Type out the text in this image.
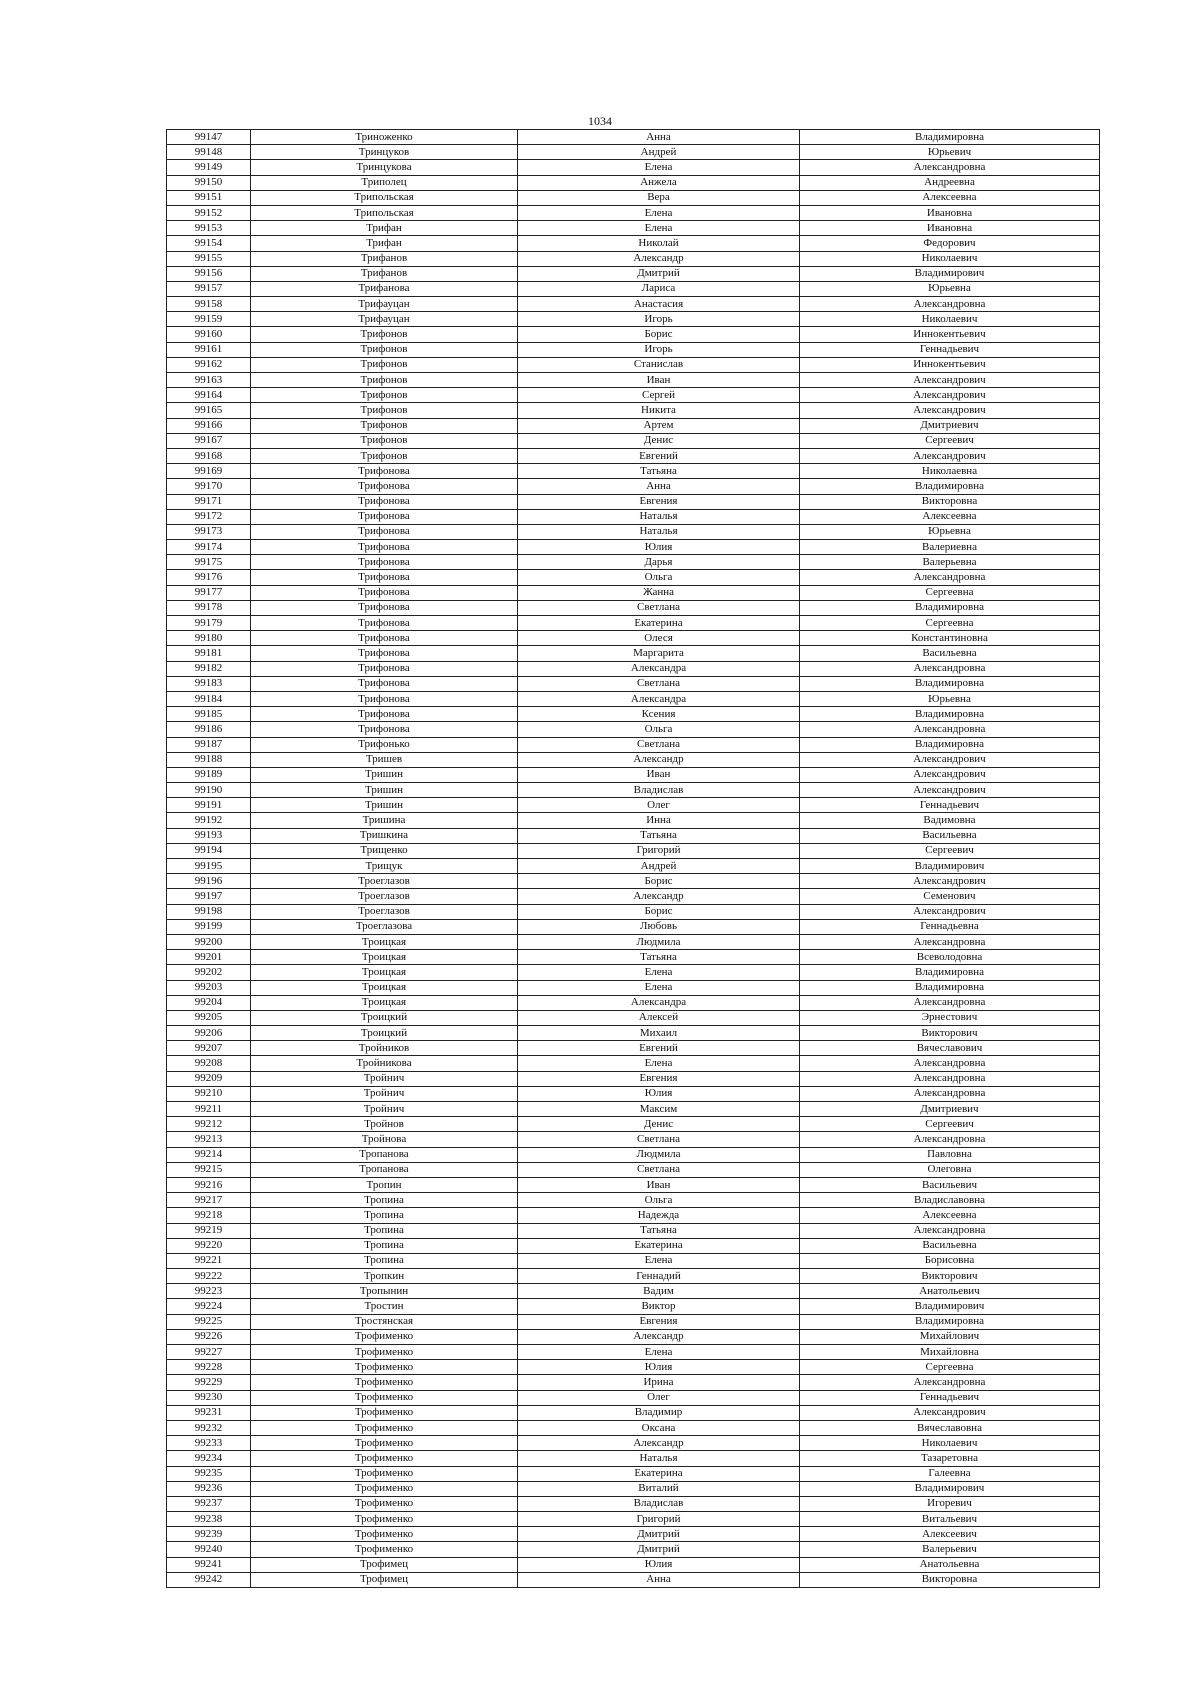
1034
99147	Триноженко	Анна	Владимировна
99148	Тринцуков	Андрей	Юрьевич
99149	Тринцукова	Елена	Александровна
99150	Триполец	Анжела	Андреевна
99151	Трипольская	Вера	Алексеевна
99152	Трипольская	Елена	Ивановна
99153	Трифан	Елена	Ивановна
99154	Трифан	Николай	Федорович
99155	Трифанов	Александр	Николаевич
99156	Трифанов	Дмитрий	Владимирович
99157	Трифанова	Лариса	Юрьевна
99158	Трифауцан	Анастасия	Александровна
99159	Трифауцан	Игорь	Николаевич
99160	Трифонов	Борис	Иннокентьевич
99161	Трифонов	Игорь	Геннадьевич
99162	Трифонов	Станислав	Иннокентьевич
99163	Трифонов	Иван	Александрович
99164	Трифонов	Сергей	Александрович
99165	Трифонов	Никита	Александрович
99166	Трифонов	Артем	Дмитриевич
99167	Трифонов	Денис	Сергеевич
99168	Трифонов	Евгений	Александрович
99169	Трифонова	Татьяна	Николаевна
99170	Трифонова	Анна	Владимировна
99171	Трифонова	Евгения	Викторовна
99172	Трифонова	Наталья	Алексеевна
99173	Трифонова	Наталья	Юрьевна
99174	Трифонова	Юлия	Валериевна
99175	Трифонова	Дарья	Валерьевна
99176	Трифонова	Ольга	Александровна
99177	Трифонова	Жанна	Сергеевна
99178	Трифонова	Светлана	Владимировна
99179	Трифонова	Екатерина	Сергеевна
99180	Трифонова	Олеся	Константиновна
99181	Трифонова	Маргарита	Васильевна
99182	Трифонова	Александра	Александровна
99183	Трифонова	Светлана	Владимировна
99184	Трифонова	Александра	Юрьевна
99185	Трифонова	Ксения	Владимировна
99186	Трифонова	Ольга	Александровна
99187	Трифонько	Светлана	Владимировна
99188	Тришев	Александр	Александрович
99189	Тришин	Иван	Александрович
99190	Тришин	Владислав	Александрович
99191	Тришин	Олег	Геннадьевич
99192	Тришина	Инна	Вадимовна
99193	Тришкина	Татьяна	Васильевна
99194	Трищенко	Григорий	Сергеевич
99195	Трищук	Андрей	Владимирович
99196	Троеглазов	Борис	Александрович
99197	Троеглазов	Александр	Семенович
99198	Троеглазов	Борис	Александрович
99199	Троеглазова	Любовь	Геннадьевна
99200	Троицкая	Людмила	Александровна
99201	Троицкая	Татьяна	Всеволодовна
99202	Троицкая	Елена	Владимировна
99203	Троицкая	Елена	Владимировна
99204	Троицкая	Александра	Александровна
99205	Троицкий	Алексей	Эрнестович
99206	Троицкий	Михаил	Викторович
99207	Тройников	Евгений	Вячеславович
99208	Тройникова	Елена	Александровна
99209	Тройнич	Евгения	Александровна
99210	Тройнич	Юлия	Александровна
99211	Тройнич	Максим	Дмитриевич
99212	Тройнов	Денис	Сергеевич
99213	Тройнова	Светлана	Александровна
99214	Тропанова	Людмила	Павловна
99215	Тропанова	Светлана	Олеговна
99216	Тропин	Иван	Васильевич
99217	Тропина	Ольга	Владиславовна
99218	Тропина	Надежда	Алексеевна
99219	Тропина	Татьяна	Александровна
99220	Тропина	Екатерина	Васильевна
99221	Тропина	Елена	Борисовна
99222	Тропкин	Геннадий	Викторович
99223	Тропынин	Вадим	Анатольевич
99224	Тростин	Виктор	Владимирович
99225	Тростянская	Евгения	Владимировна
99226	Трофименко	Александр	Михайлович
99227	Трофименко	Елена	Михайловна
99228	Трофименко	Юлия	Сергеевна
99229	Трофименко	Ирина	Александровна
99230	Трофименко	Олег	Геннадьевич
99231	Трофименко	Владимир	Александрович
99232	Трофименко	Оксана	Вячеславовна
99233	Трофименко	Александр	Николаевич
99234	Трофименко	Наталья	Тазаретовна
99235	Трофименко	Екатерина	Галеевна
99236	Трофименко	Виталий	Владимирович
99237	Трофименко	Владислав	Игоревич
99238	Трофименко	Григорий	Витальевич
99239	Трофименко	Дмитрий	Алексеевич
99240	Трофименко	Дмитрий	Валерьевич
99241	Трофимец	Юлия	Анатольевна
99242	Трофимец	Анна	Викторовна
